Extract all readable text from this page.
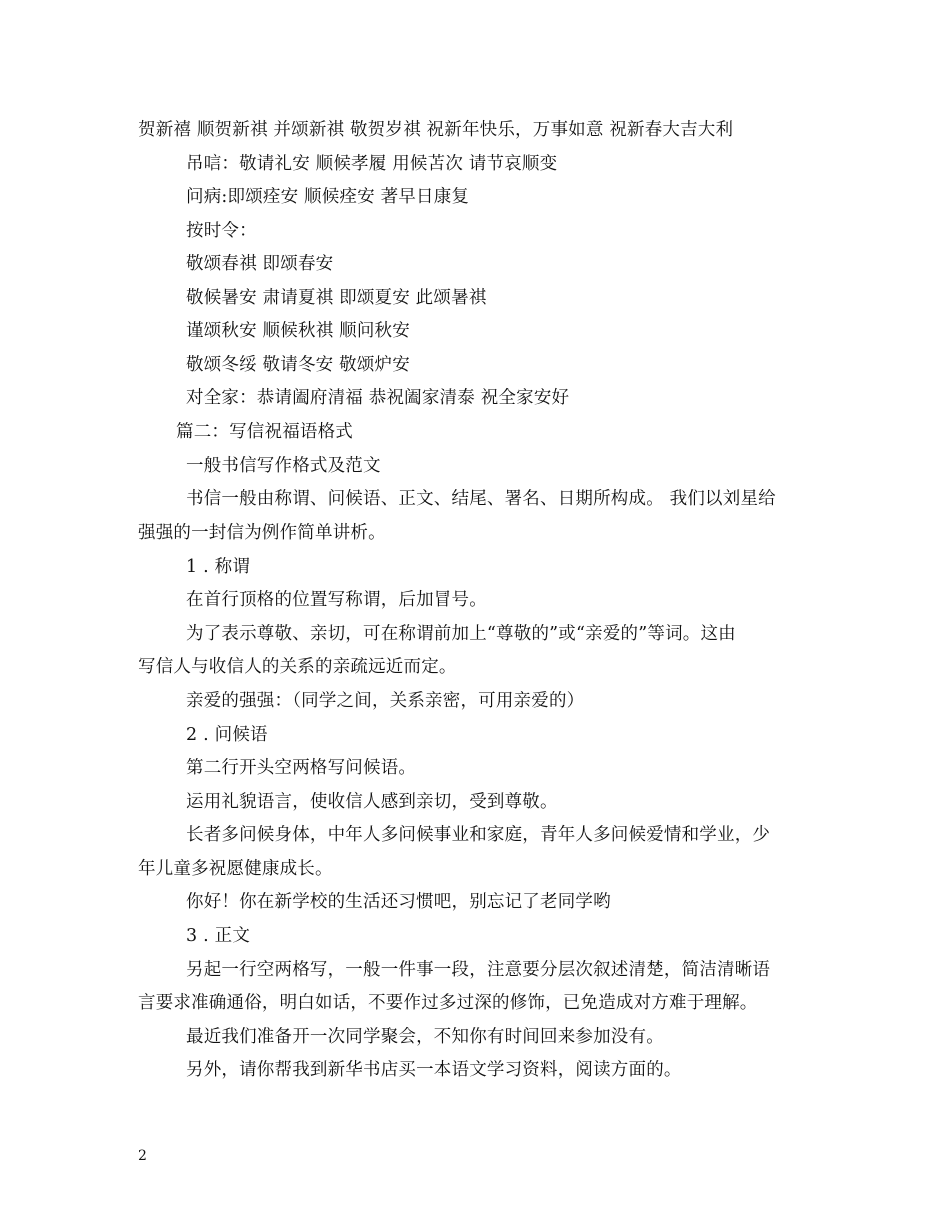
贺新禧 顺贺新祺 并颂新祺 敬贺岁祺 祝新年快乐，万事如意 祝新春大吉大利
吊唁：敬请礼安 顺候孝履 用候苫次 请节哀顺变
问病:即颂痊安 顺候痊安 著早日康复
按时令：
敬颂春祺 即颂春安
敬候暑安 肃请夏祺 即颂夏安 此颂暑祺
谨颂秋安 顺候秋祺 顺问秋安
敬颂冬绥 敬请冬安 敬颂炉安
对全家：恭请阖府清福 恭祝阖家清泰 祝全家安好
篇二：写信祝福语格式
一般书信写作格式及范文
书信一般由称谓、问候语、正文、结尾、署名、日期所构成。 我们以刘星给
强强的一封信为例作简单讲析。
1 . 称谓
在首行顶格的位置写称谓，后加冒号。
为了表示尊敬、亲切，可在称谓前加上“尊敬的”或“亲爱的”等词。这由
写信人与收信人的关系的亲疏远近而定。
亲爱的强强：（同学之间，关系亲密，可用亲爱的）
2 . 问候语
第二行开头空两格写问候语。
运用礼貌语言，使收信人感到亲切，受到尊敬。
长者多问候身体，中年人多问候事业和家庭，青年人多问候爱情和学业，少
年儿童多祝愿健康成长。
你好！你在新学校的生活还习惯吧，别忘记了老同学哟
3 . 正文
另起一行空两格写，一般一件事一段，注意要分层次叙述清楚，简洁清晰语
言要求准确通俗，明白如话，不要作过多过深的修饰，已免造成对方难于理解。
最近我们准备开一次同学聚会，不知你有时间回来参加没有。
另外，请你帮我到新华书店买一本语文学习资料，阅读方面的。
2
